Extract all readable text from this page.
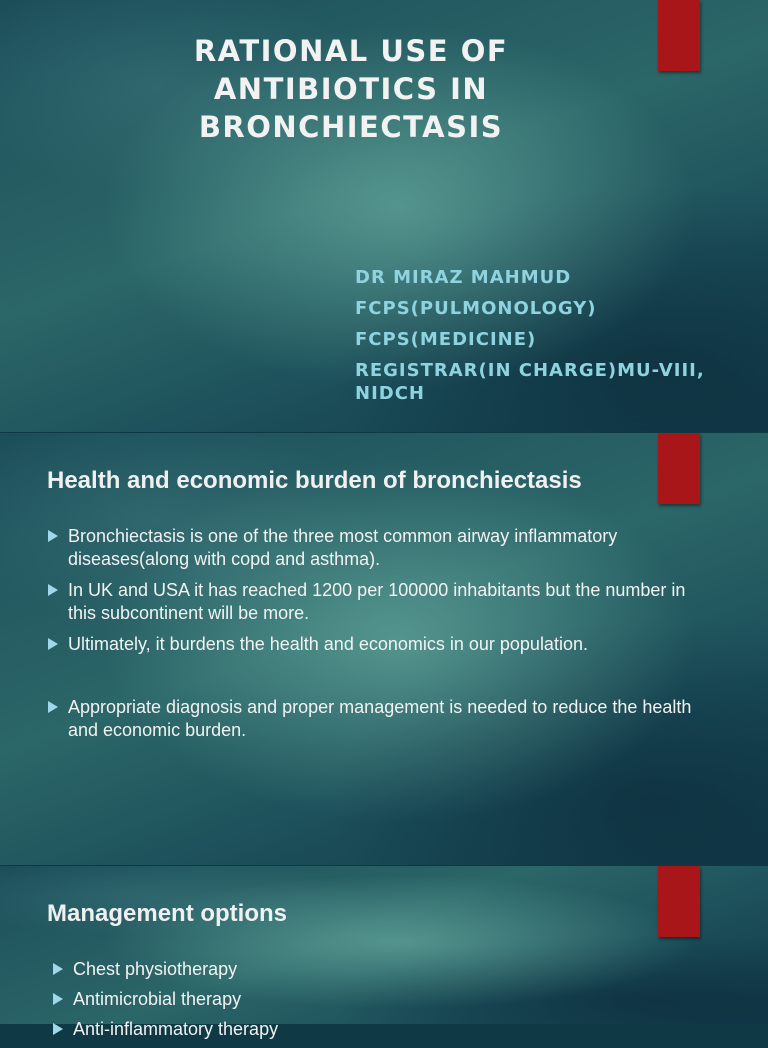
RATIONAL USE OF ANTIBIOTICS IN BRONCHIECTASIS
DR MIRAZ MAHMUD
FCPS(PULMONOLOGY)
FCPS(MEDICINE)
REGISTRAR(IN CHARGE)MU-VIII, NIDCH
Health and economic burden of bronchiectasis
Bronchiectasis is one of the three most common airway inflammatory diseases(along with copd and asthma).
In UK and USA it has reached 1200 per 100000 inhabitants but the number in this subcontinent will be more.
Ultimately, it burdens the health and economics in our population.
Appropriate diagnosis and proper management is needed to reduce the health and economic burden.
Management options
Chest physiotherapy
Antimicrobial therapy
Anti-inflammatory therapy
